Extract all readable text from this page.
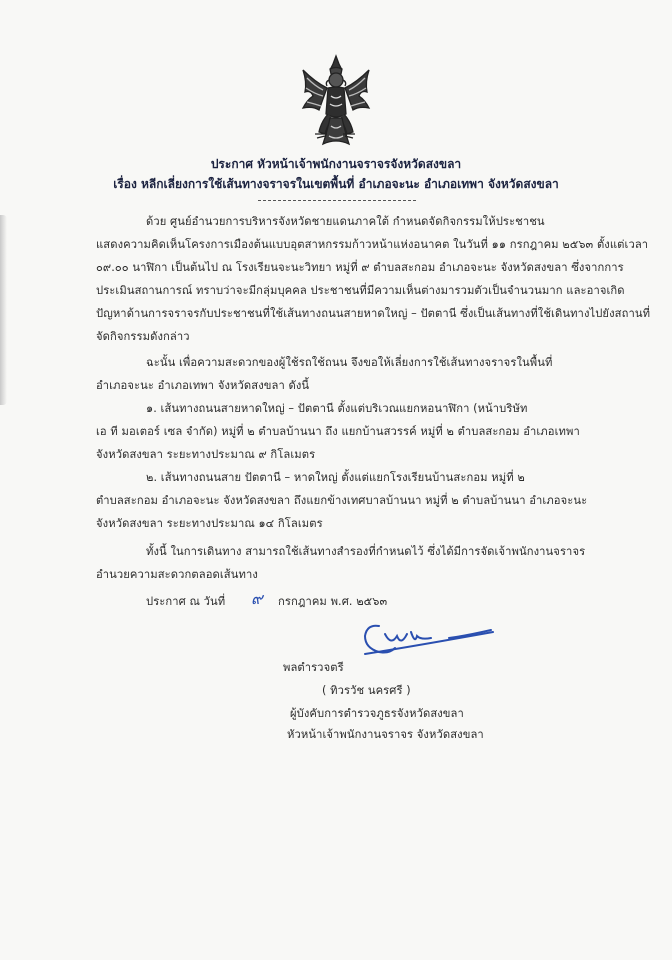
ประกาศ หัวหน้าเจ้าพนักงานจราจรจังหวัดสงขลา
เรื่อง หลีกเลี่ยงการใช้เส้นทางจราจรในเขตพื้นที่ อำเภอจะนะ อำเภอเทพา จังหวัดสงขลา
ด้วย ศูนย์อำนวยการบริหารจังหวัดชายแดนภาคใต้ กำหนดจัดกิจกรรมให้ประชาชน
แสดงความคิดเห็นโครงการเมืองต้นแบบอุตสาหกรรมก้าวหน้าแห่งอนาคต ในวันที่ ๑๑ กรกฎาคม ๒๕๖๓ ตั้งแต่เวลา
๐๙.๐๐ นาฬิกา เป็นต้นไป ณ โรงเรียนจะนะวิทยา หมู่ที่ ๙ ตำบลสะกอม อำเภอจะนะ จังหวัดสงขลา ซึ่งจากการ
ประเมินสถานการณ์ ทราบว่าจะมีกลุ่มบุคคล ประชาชนที่มีความเห็นต่างมารวมตัวเป็นจำนวนมาก และอาจเกิด
ปัญหาด้านการจราจรกับประชาชนที่ใช้เส้นทางถนนสายหาดใหญ่ – ปัตตานี ซึ่งเป็นเส้นทางที่ใช้เดินทางไปยังสถานที่
จัดกิจกรรมดังกล่าว
ฉะนั้น เพื่อความสะดวกของผู้ใช้รถใช้ถนน จึงขอให้เลี่ยงการใช้เส้นทางจราจรในพื้นที่
อำเภอจะนะ อำเภอเทพา จังหวัดสงขลา ดังนี้
๑. เส้นทางถนนสายหาดใหญ่ – ปัตตานี ตั้งแต่บริเวณแยกหอนาฬิกา (หน้าบริษัท
เอ ที มอเตอร์ เซล จำกัด) หมู่ที่ ๒ ตำบลบ้านนา ถึง แยกบ้านสวรรค์ หมู่ที่ ๒ ตำบลสะกอม อำเภอเทพา
จังหวัดสงขลา ระยะทางประมาณ ๙ กิโลเมตร
๒. เส้นทางถนนสาย ปัตตานี – หาดใหญ่ ตั้งแต่แยกโรงเรียนบ้านสะกอม หมู่ที่ ๒
ตำบลสะกอม อำเภอจะนะ จังหวัดสงขลา ถึงแยกข้างเทศบาลบ้านนา หมู่ที่ ๒ ตำบลบ้านนา อำเภอจะนะ
จังหวัดสงขลา ระยะทางประมาณ ๑๔ กิโลเมตร
ทั้งนี้ ในการเดินทาง สามารถใช้เส้นทางสำรองที่กำหนดไว้ ซึ่งได้มีการจัดเจ้าพนักงานจราจร
อำนวยความสะดวกตลอดเส้นทาง
ประกาศ ณ วันที่ ๙ กรกฎาคม พ.ศ. ๒๕๖๓
พลตำรวจตรี
( ทิวรวัช นครศรี )
ผู้บังคับการตำรวจภูธรจังหวัดสงขลา
หัวหน้าเจ้าพนักงานจราจร จังหวัดสงขลา
